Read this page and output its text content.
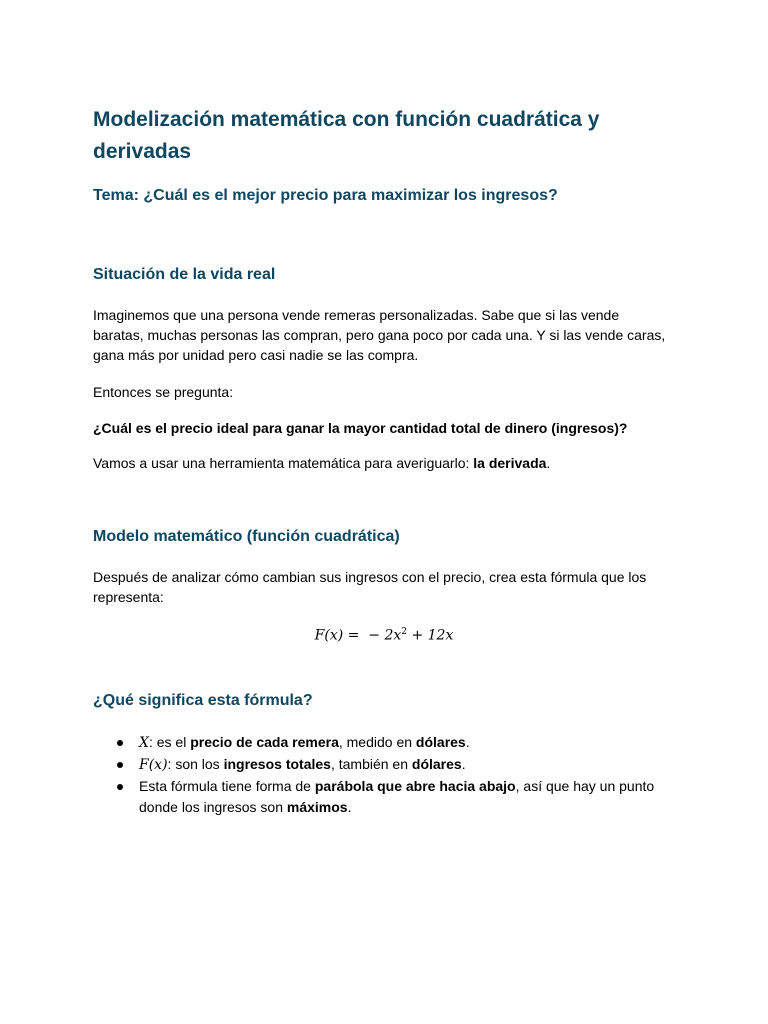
Modelización matemática con función cuadrática y derivadas
Tema: ¿Cuál es el mejor precio para maximizar los ingresos?
Situación de la vida real

Imaginemos que una persona vende remeras personalizadas. Sabe que si las vende baratas, muchas personas las compran, pero gana poco por cada una. Y si las vende caras, gana más por unidad pero casi nadie se las compra.

Entonces se pregunta:

¿Cuál es el precio ideal para ganar la mayor cantidad total de dinero (ingresos)?

Vamos a usar una herramienta matemática para averiguarlo: la derivada.

Modelo matemático (función cuadrática)

Después de analizar cómo cambian sus ingresos con el precio, crea esta fórmula que los representa:

F(x) = − $2x^2 + 12x$
¿Qué significa esta fórmula?
X: es el precio de cada remera, medido en dólares.
F(x): son los ingresos totales, también en dólares.
Esta fórmula tiene forma de parábola que abre hacia abajo, así que hay un punto donde los ingresos son máximos.
